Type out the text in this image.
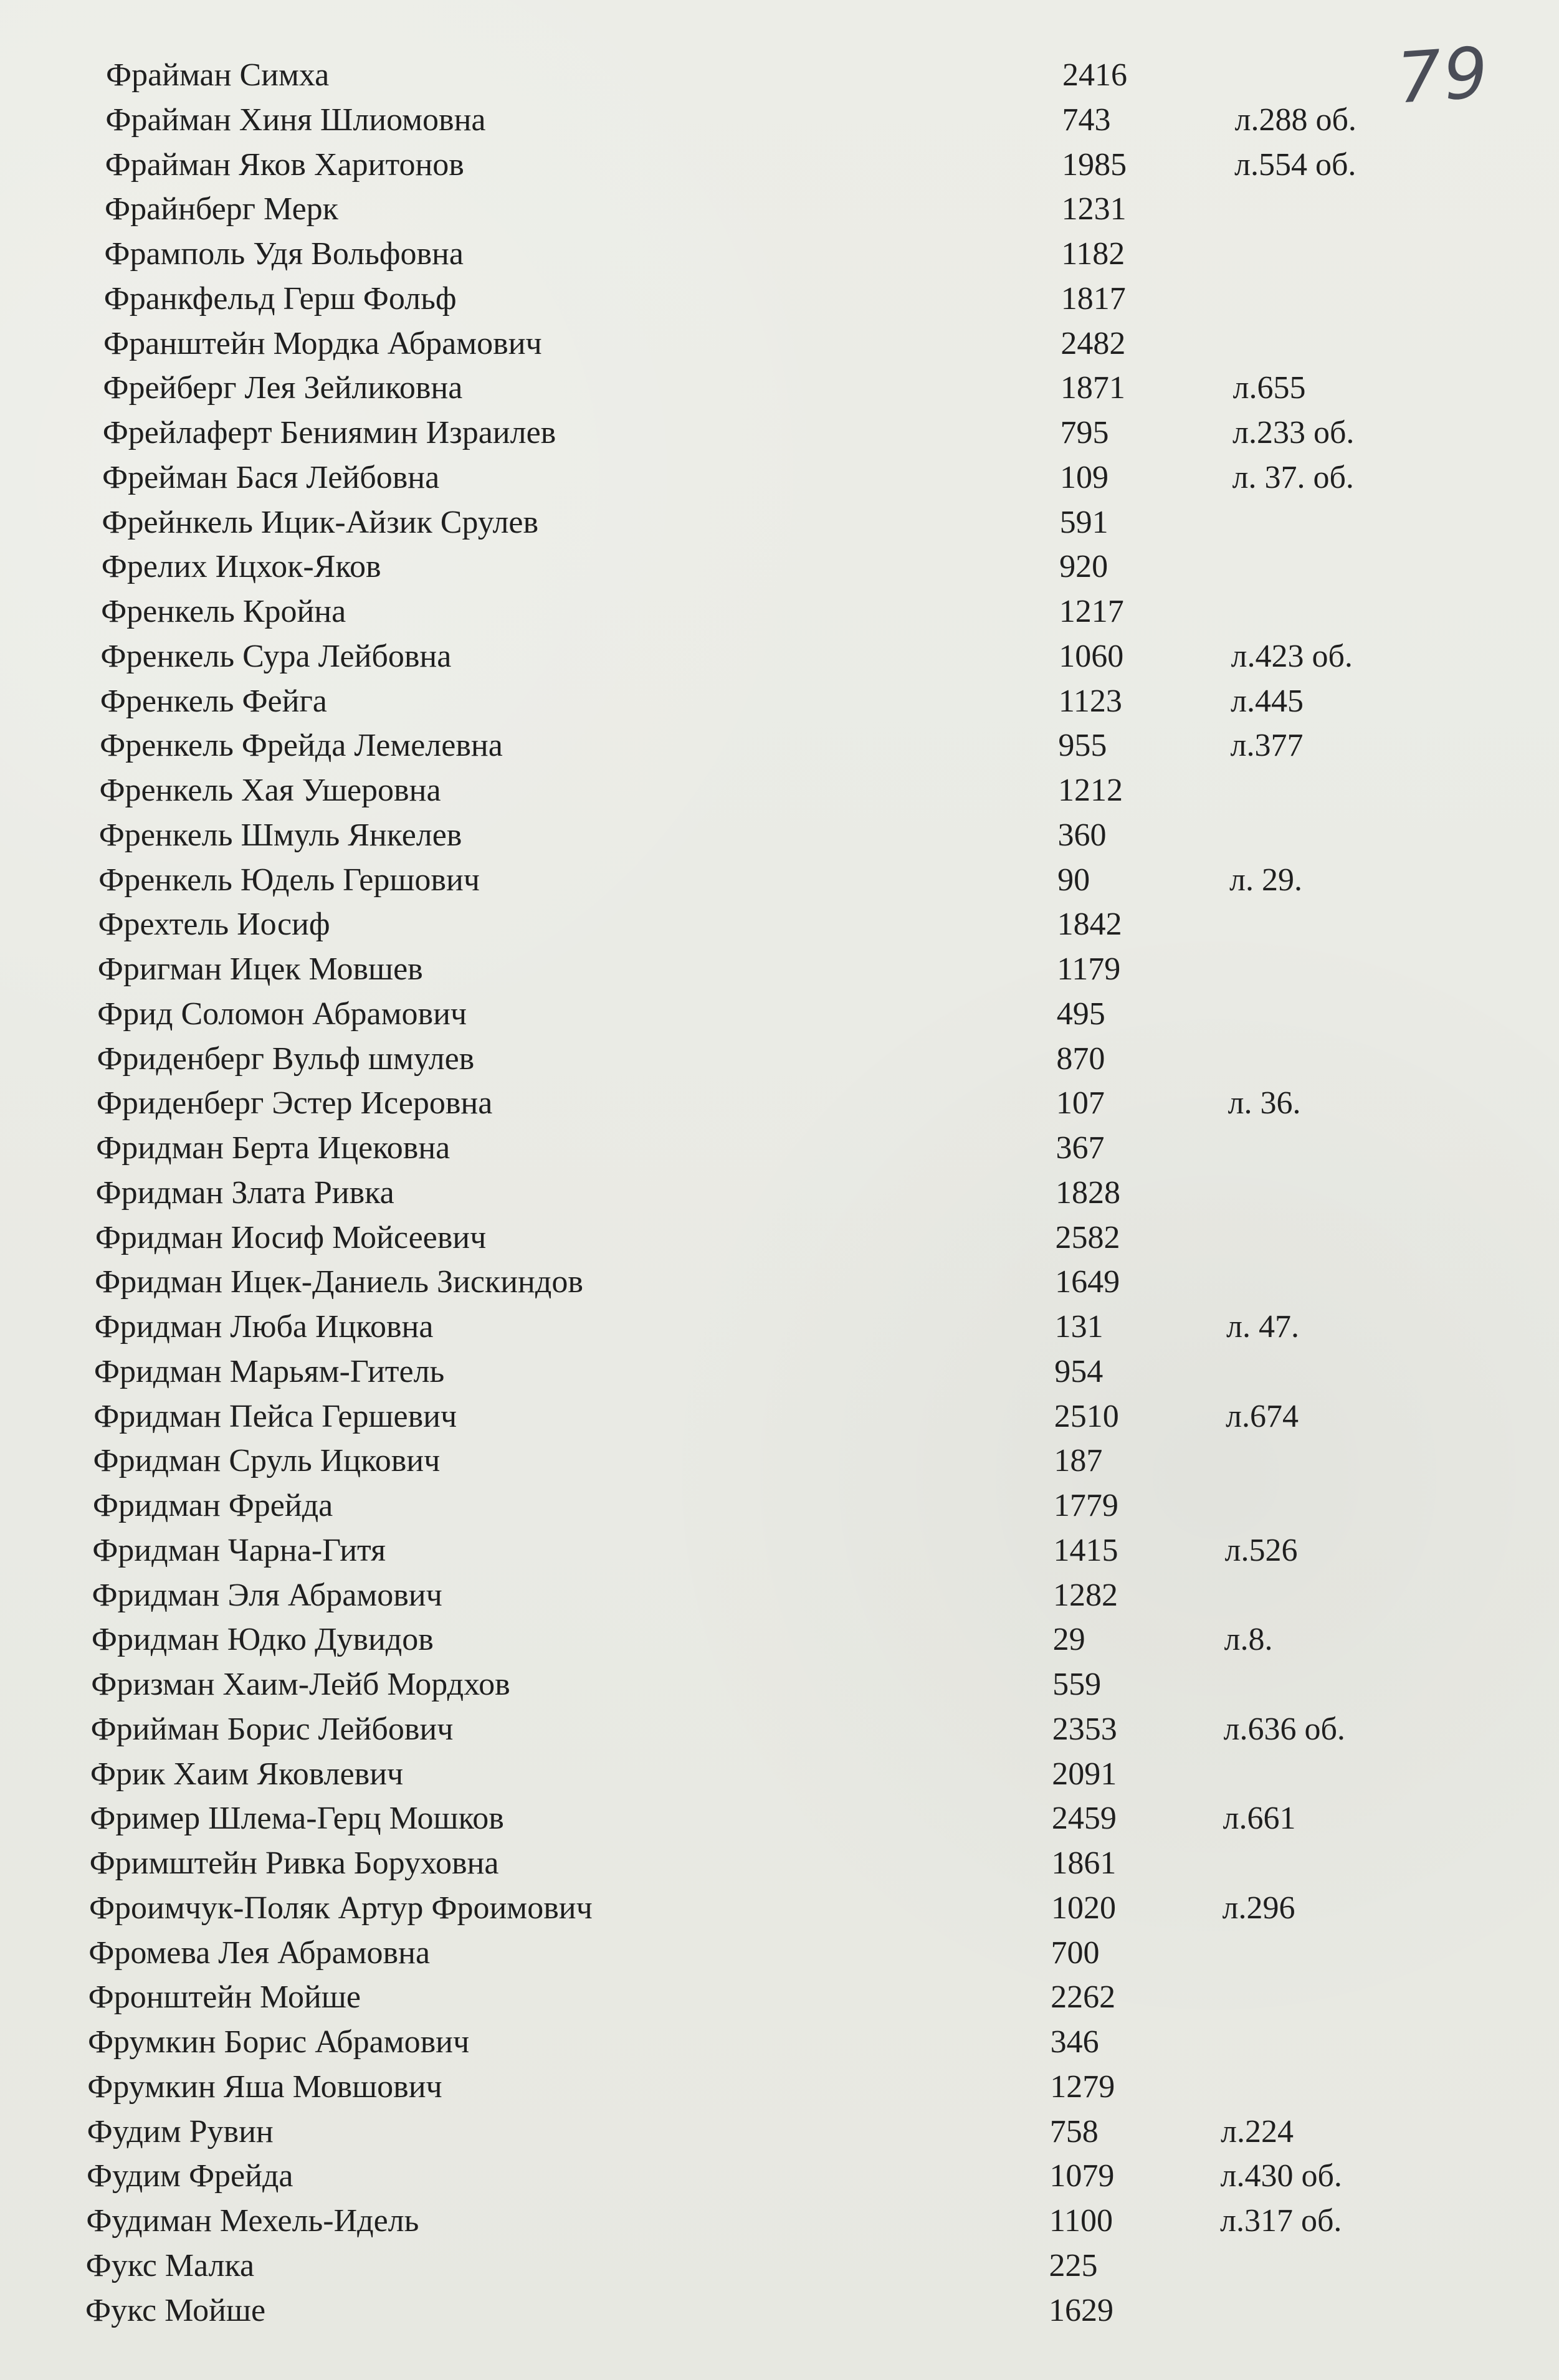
79
Фрайман Симха	2416
Фрайман Хиня Шлиомовна	743	л.288 об.
Фрайман Яков Харитонов	1985	л.554 об.
Фрайнберг Мерк	1231
Фрамполь Удя Вольфовна	1182
Франкфельд Герш Фольф	1817
Франштейн Мордка Абрамович	2482
Фрейберг Лея Зейликовна	1871	л.655
Фрейлаферт Бениямин Израилев	795	л.233 об.
Фрейман Бася Лейбовна	109	л. 37. об.
Фрейнкель Ицик-Айзик Срулев	591
Фрелих Ицхок-Яков	920
Френкель Кройна	1217
Френкель Сура Лейбовна	1060	л.423 об.
Френкель Фейга	1123	л.445
Френкель Фрейда Лемелевна	955	л.377
Френкель Хая Ушеровна	1212
Френкель Шмуль Янкелев	360
Френкель Юдель Гершович	90	л. 29.
Фрехтель Иосиф	1842
Фригман Ицек Мовшев	1179
Фрид Соломон Абрамович	495
Фриденберг Вульф шмулев	870
Фриденберг Эстер Исеровна	107	л. 36.
Фридман Берта Ицековна	367
Фридман Злата Ривка	1828
Фридман Иосиф Мойсеевич	2582
Фридман Ицек-Даниель Зискиндов	1649
Фридман Люба Ицковна	131	л. 47.
Фридман Марьям-Гитель	954
Фридман Пейса Гершевич	2510	л.674
Фридман Сруль Ицкович	187
Фридман Фрейда	1779
Фридман Чарна-Гитя	1415	л.526
Фридман Эля Абрамович	1282
Фридман Юдко Дувидов	29	л.8.
Фризман Хаим-Лейб Мордхов	559
Фрийман Борис Лейбович	2353	л.636 об.
Фрик Хаим Яковлевич	2091
Фример Шлема-Герц Мошков	2459	л.661
Фримштейн Ривка Боруховна	1861
Фроимчук-Поляк Артур Фроимович	1020	л.296
Фромева Лея Абрамовна	700
Фронштейн Мойше	2262
Фрумкин Борис Абрамович	346
Фрумкин Яша Мовшович	1279
Фудим Рувин	758	л.224
Фудим Фрейда	1079	л.430 об.
Фудиман Мехель-Идель	1100	л.317 об.
Фукс Малка	225
Фукс Мойше	1629
